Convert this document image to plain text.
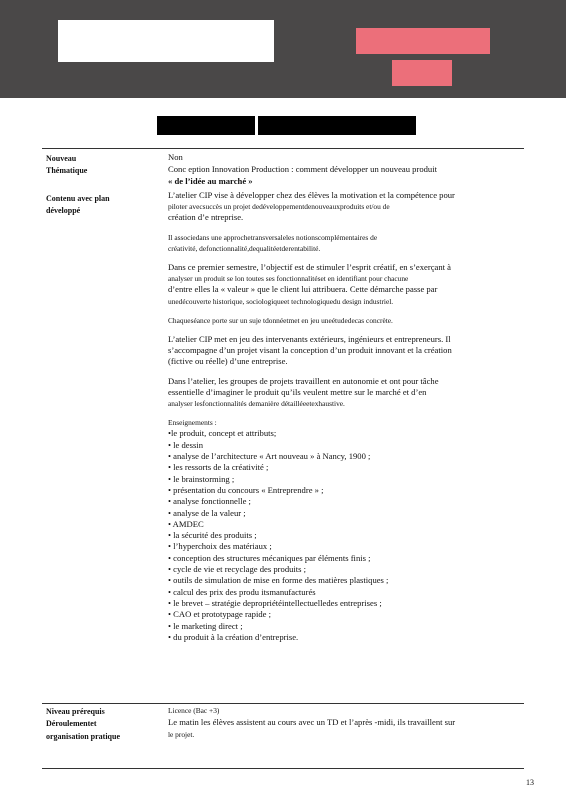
Nouveau
Thématique
Contenu avec plan
développé
Non
Conc eption Innovation Production : comment développer un nouveau produit
« de l’idée au marché »

L’atelier CIP vise à développer chez des élèves la motivation et la compétence pour

piloter avecsuccès un projet dedéveloppementdenouveauxproduits et/ou de

création d’e ntreprise.

Il associedans une approchetransversaleles notionscomplémentaires de

créativité, defonctionnalité,dequalitéetderentabilité.

Dans ce premier semestre, l’objectif est de stimuler l’esprit créatif, en s’exerçant à

analyser un produit se lon toutes ses fonctionnalitéset en identifiant pour chacune

d’entre elles la « valeur » que le client lui attribuera. Cette démarche passe par

unedécouverte historique, sociologiqueet technologiquedu design industriel.

Chaqueséance porte sur un suje tdonnéetmet en jeu uneétudedecas concrète.

L’atelier CIP met en jeu des intervenants extérieurs, ingénieurs et entrepreneurs. Il

s’accompagne d’un projet visant la conception d’un produit innovant et la création

(fictive ou réelle) d’une entreprise.

Dans l’atelier, les groupes de projets travaillent en autonomie et ont pour tâche

essentielle d’imaginer le produit qu’ils veulent mettre sur le marché et d’en

analyser lesfonctionnalités demanière détailléeetexhaustive.

Enseignements :

•le produit, concept et attributs;
• le dessin
• analyse de l’architecture « Art nouveau » à Nancy, 1900 ;
• les ressorts de la créativité ;
• le brainstorming ;
• présentation du concours « Entreprendre » ;
• analyse fonctionnelle ;
• analyse de la valeur ;
• AMDEC
• la sécurité des produits ;
• l’hyperchoix des matériaux ;
• conception des structures mécaniques par éléments finis ;
• cycle de vie et recyclage des produits ;
• outils de simulation de mise en forme des matières plastiques ;
• calcul des prix des produ itsmanufacturés
• le brevet – stratégie depropriétéintellectuelledes entreprises ;
• CAO et prototypage rapide ;
• le marketing direct ;
• du produit à la création d’entreprise.
Niveau prérequis
Déroulementet
organisation pratique
Licence (Bac +3)
Le matin les élèves assistent au cours avec un TD et l’après -midi, ils travaillent sur
le projet.
13
